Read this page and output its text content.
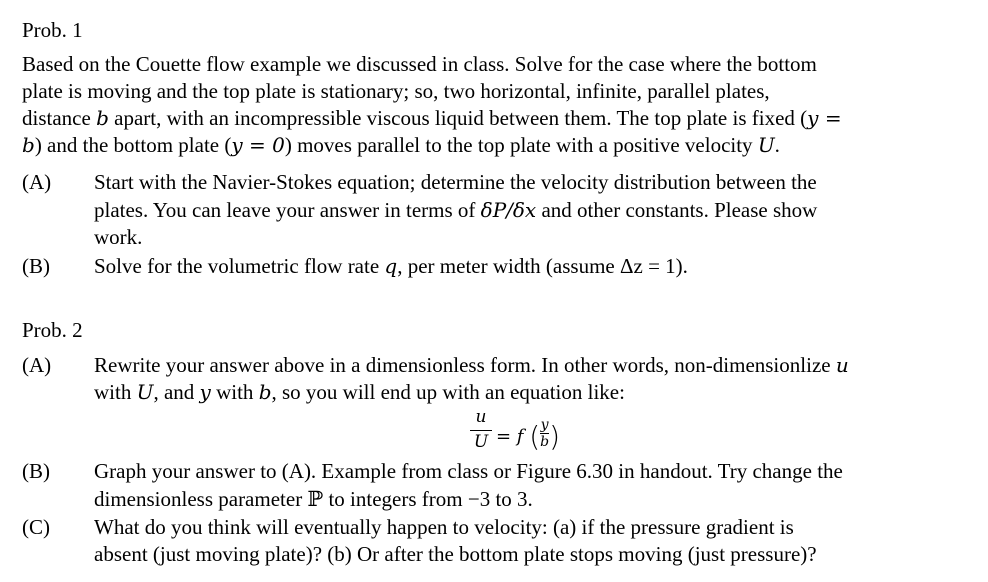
Prob. 1
Based on the Couette flow example we discussed in class. Solve for the case where the bottom
plate is moving and the top plate is stationary; so, two horizontal, infinite, parallel plates,
distance b apart, with an incompressible viscous liquid between them. The top plate is fixed (y =
b) and the bottom plate (y = 0) moves parallel to the top plate with a positive velocity U.
(A) Start with the Navier-Stokes equation; determine the velocity distribution between the
plates. You can leave your answer in terms of δP/δx and other constants. Please show
work.
(B) Solve for the volumetric flow rate q, per meter width (assume Δz = 1).
Prob. 2
(A) Rewrite your answer above in a dimensionless form. In other words, non-dimensionlize u
with U, and y with b, so you will end up with an equation like:
u
U = f $(\frac{y}{b})$
(B) Graph your answer to (A). Example from class or Figure 6.30 in handout. Try change the
dimensionless parameter ℙ to integers from −3 to 3.
(C) What do you think will eventually happen to velocity: (a) if the pressure gradient is
absent (just moving plate)? (b) Or after the bottom plate stops moving (just pressure)?
